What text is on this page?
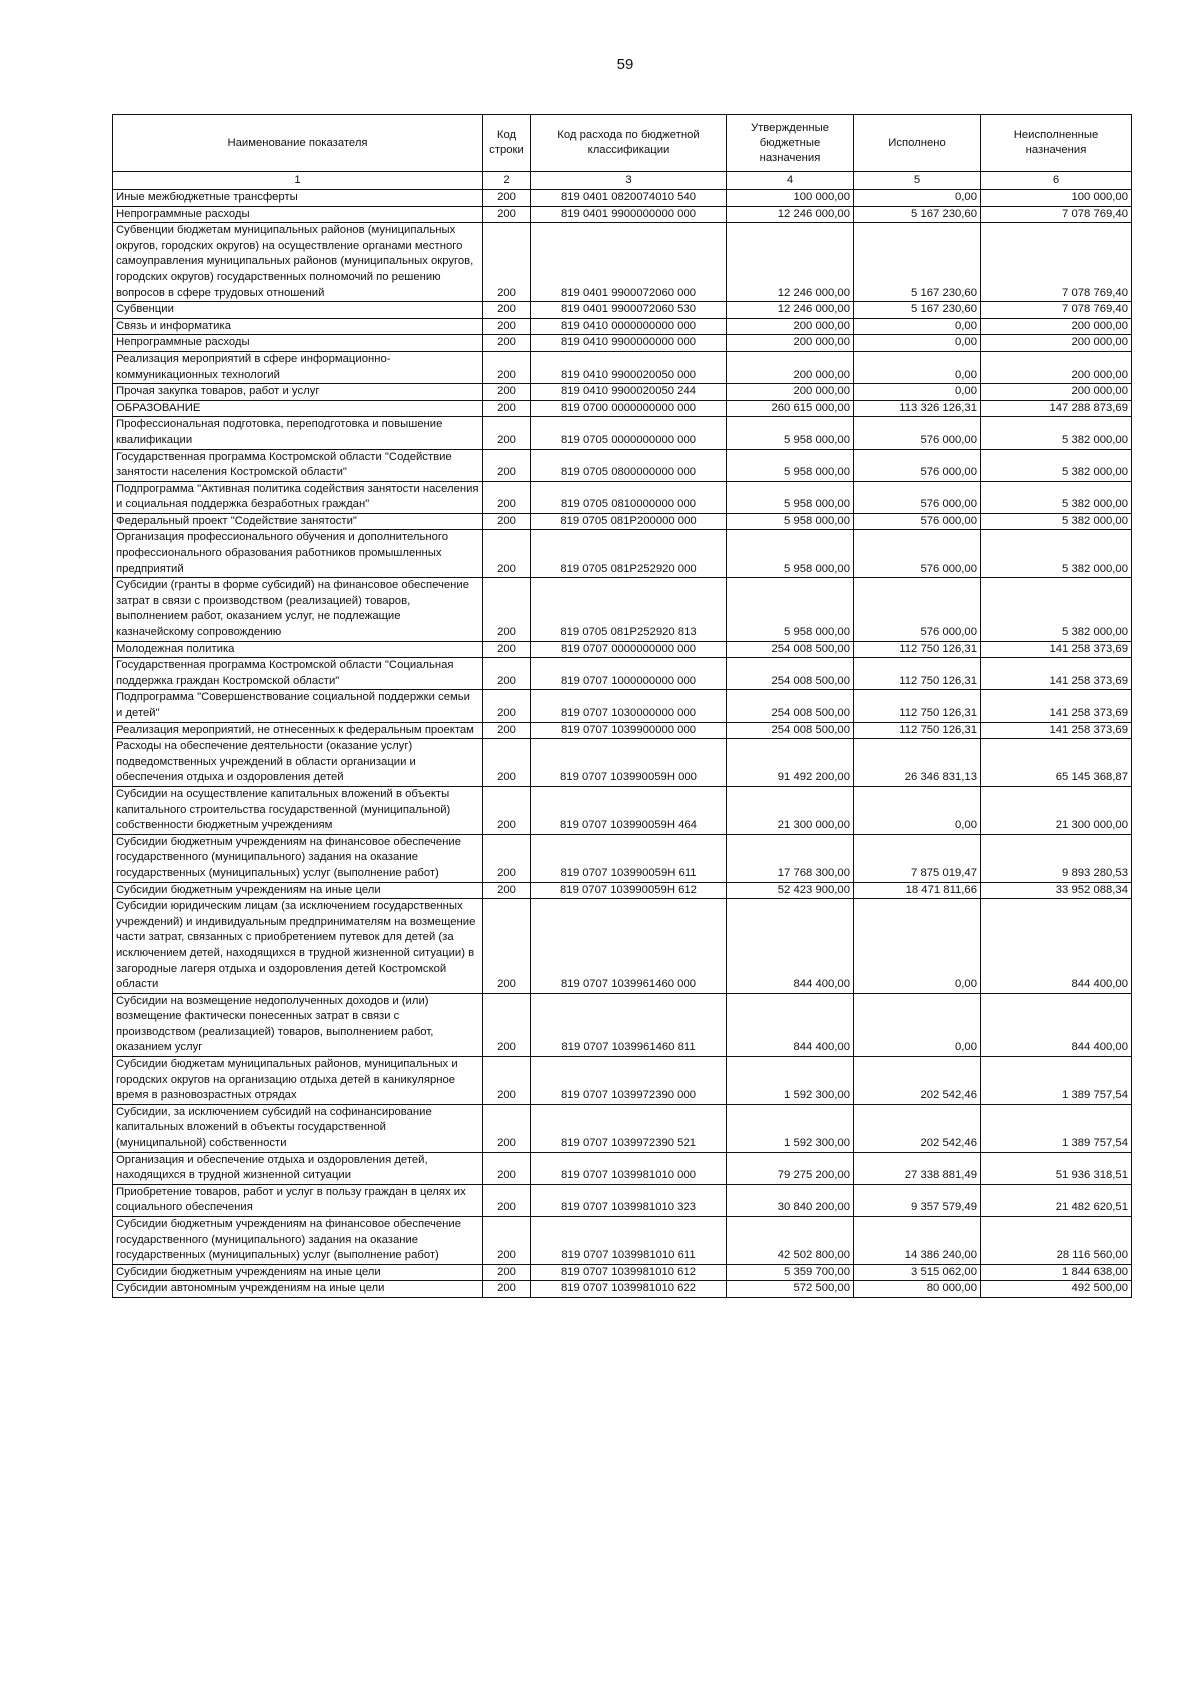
59
Наименование показателя	Код строки	Код расхода по бюджетной классификации	Утвержденные бюджетные назначения	Исполнено	Неисполненные назначения
1	2	3	4	5	6
Иные межбюджетные трансферты	200	819 0401 0820074010 540	100 000,00	0,00	100 000,00
Непрограммные расходы	200	819 0401 9900000000 000	12 246 000,00	5 167 230,60	7 078 769,40
Субвенции бюджетам муниципальных районов (муниципальных округов, городских округов) на осуществление органами местного самоуправления муниципальных районов (муниципальных округов, городских округов) государственных полномочий по решению вопросов в сфере трудовых отношений	200	819 0401 9900072060 000	12 246 000,00	5 167 230,60	7 078 769,40
Субвенции	200	819 0401 9900072060 530	12 246 000,00	5 167 230,60	7 078 769,40
Связь и информатика	200	819 0410 0000000000 000	200 000,00	0,00	200 000,00
Непрограммные расходы	200	819 0410 9900000000 000	200 000,00	0,00	200 000,00
Реализация мероприятий в сфере информационно-коммуникационных технологий	200	819 0410 9900020050 000	200 000,00	0,00	200 000,00
Прочая закупка товаров, работ и услуг	200	819 0410 9900020050 244	200 000,00	0,00	200 000,00
ОБРАЗОВАНИЕ	200	819 0700 0000000000 000	260 615 000,00	113 326 126,31	147 288 873,69
Профессиональная подготовка, переподготовка и повышение квалификации	200	819 0705 0000000000 000	5 958 000,00	576 000,00	5 382 000,00
Государственная программа Костромской области "Содействие занятости населения Костромской области"	200	819 0705 0800000000 000	5 958 000,00	576 000,00	5 382 000,00
Подпрограмма "Активная политика содействия занятости населения и социальная поддержка безработных граждан"	200	819 0705 0810000000 000	5 958 000,00	576 000,00	5 382 000,00
Федеральный проект "Содействие занятости"	200	819 0705 081P200000 000	5 958 000,00	576 000,00	5 382 000,00
Организация профессионального обучения и дополнительного профессионального образования работников промышленных предприятий	200	819 0705 081P252920 000	5 958 000,00	576 000,00	5 382 000,00
Субсидии (гранты в форме субсидий) на финансовое обеспечение затрат в связи с производством (реализацией) товаров, выполнением работ, оказанием услуг, не подлежащие казначейскому сопровождению	200	819 0705 081P252920 813	5 958 000,00	576 000,00	5 382 000,00
Молодежная политика	200	819 0707 0000000000 000	254 008 500,00	112 750 126,31	141 258 373,69
Государственная программа Костромской области "Социальная поддержка граждан Костромской области"	200	819 0707 1000000000 000	254 008 500,00	112 750 126,31	141 258 373,69
Подпрограмма "Совершенствование социальной поддержки семьи и детей"	200	819 0707 1030000000 000	254 008 500,00	112 750 126,31	141 258 373,69
Реализация мероприятий, не отнесенных к федеральным проектам	200	819 0707 1039900000 000	254 008 500,00	112 750 126,31	141 258 373,69
Расходы на обеспечение деятельности (оказание услуг) подведомственных учреждений в области организации и обеспечения отдыха и оздоровления детей	200	819 0707 103990059Н 000	91 492 200,00	26 346 831,13	65 145 368,87
Субсидии на осуществление капитальных вложений в объекты капитального строительства государственной (муниципальной) собственности бюджетным учреждениям	200	819 0707 103990059Н 464	21 300 000,00	0,00	21 300 000,00
Субсидии бюджетным учреждениям на финансовое обеспечение государственного (муниципального) задания на оказание государственных (муниципальных) услуг (выполнение работ)	200	819 0707 103990059Н 611	17 768 300,00	7 875 019,47	9 893 280,53
Субсидии бюджетным учреждениям на иные цели	200	819 0707 103990059Н 612	52 423 900,00	18 471 811,66	33 952 088,34
Субсидии юридическим лицам (за исключением государственных учреждений) и индивидуальным предпринимателям на возмещение части затрат, связанных с приобретением путевок для детей (за исключением детей, находящихся в трудной жизненной ситуации) в загородные лагеря отдыха и оздоровления детей Костромской области	200	819 0707 1039961460 000	844 400,00	0,00	844 400,00
Субсидии на возмещение недополученных доходов и (или) возмещение фактически понесенных затрат в связи с производством (реализацией) товаров, выполнением работ, оказанием услуг	200	819 0707 1039961460 811	844 400,00	0,00	844 400,00
Субсидии бюджетам муниципальных районов, муниципальных и городских округов на организацию отдыха детей в каникулярное время в разновозрастных отрядах	200	819 0707 1039972390 000	1 592 300,00	202 542,46	1 389 757,54
Субсидии, за исключением субсидий на софинансирование капитальных вложений в объекты государственной (муниципальной) собственности	200	819 0707 1039972390 521	1 592 300,00	202 542,46	1 389 757,54
Организация и обеспечение отдыха и оздоровления детей, находящихся в трудной жизненной ситуации	200	819 0707 1039981010 000	79 275 200,00	27 338 881,49	51 936 318,51
Приобретение товаров, работ и услуг в пользу граждан в целях их социального обеспечения	200	819 0707 1039981010 323	30 840 200,00	9 357 579,49	21 482 620,51
Субсидии бюджетным учреждениям на финансовое обеспечение государственного (муниципального) задания на оказание государственных (муниципальных) услуг (выполнение работ)	200	819 0707 1039981010 611	42 502 800,00	14 386 240,00	28 116 560,00
Субсидии бюджетным учреждениям на иные цели	200	819 0707 1039981010 612	5 359 700,00	3 515 062,00	1 844 638,00
Субсидии автономным учреждениям на иные цели	200	819 0707 1039981010 622	572 500,00	80 000,00	492 500,00
